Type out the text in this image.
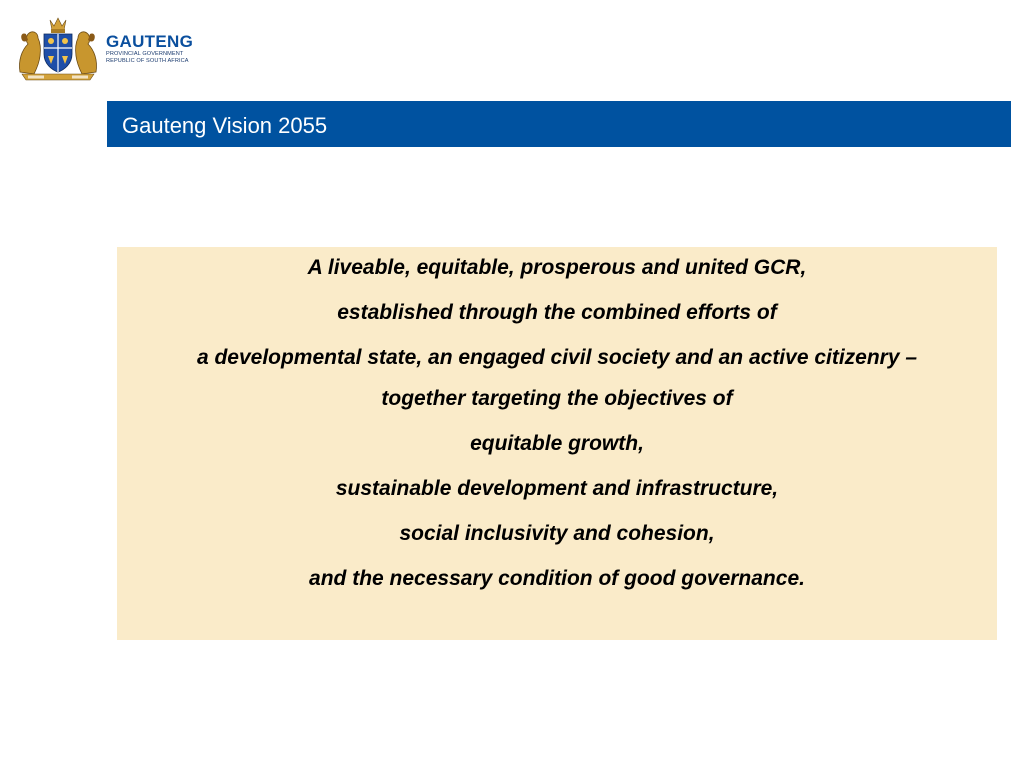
GAUTENG
PROVINCIAL GOVERNMENT
REPUBLIC OF SOUTH AFRICA
Gauteng Vision 2055
A liveable, equitable, prosperous and united GCR,
established through the combined efforts of
a developmental state, an engaged civil society and an active citizenry –
together targeting the objectives of
equitable growth,
sustainable development and infrastructure,
social inclusivity and cohesion,
and the necessary condition of good governance.
